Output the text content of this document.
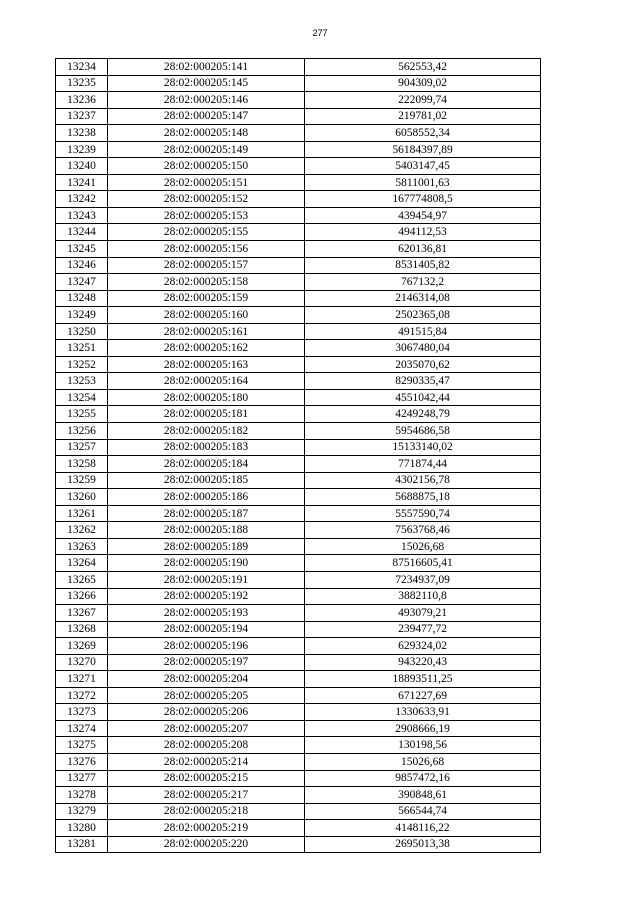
277
13234	28:02:000205:141	562553,42
13235	28:02:000205:145	904309,02
13236	28:02:000205:146	222099,74
13237	28:02:000205:147	219781,02
13238	28:02:000205:148	6058552,34
13239	28:02:000205:149	56184397,89
13240	28:02:000205:150	5403147,45
13241	28:02:000205:151	5811001,63
13242	28:02:000205:152	167774808,5
13243	28:02:000205:153	439454,97
13244	28:02:000205:155	494112,53
13245	28:02:000205:156	620136,81
13246	28:02:000205:157	8531405,82
13247	28:02:000205:158	767132,2
13248	28:02:000205:159	2146314,08
13249	28:02:000205:160	2502365,08
13250	28:02:000205:161	491515,84
13251	28:02:000205:162	3067480,04
13252	28:02:000205:163	2035070,62
13253	28:02:000205:164	8290335,47
13254	28:02:000205:180	4551042,44
13255	28:02:000205:181	4249248,79
13256	28:02:000205:182	5954686,58
13257	28:02:000205:183	15133140,02
13258	28:02:000205:184	771874,44
13259	28:02:000205:185	4302156,78
13260	28:02:000205:186	5688875,18
13261	28:02:000205:187	5557590,74
13262	28:02:000205:188	7563768,46
13263	28:02:000205:189	15026,68
13264	28:02:000205:190	87516605,41
13265	28:02:000205:191	7234937,09
13266	28:02:000205:192	3882110,8
13267	28:02:000205:193	493079,21
13268	28:02:000205:194	239477,72
13269	28:02:000205:196	629324,02
13270	28:02:000205:197	943220,43
13271	28:02:000205:204	18893511,25
13272	28:02:000205:205	671227,69
13273	28:02:000205:206	1330633,91
13274	28:02:000205:207	2908666,19
13275	28:02:000205:208	130198,56
13276	28:02:000205:214	15026,68
13277	28:02:000205:215	9857472,16
13278	28:02:000205:217	390848,61
13279	28:02:000205:218	566544,74
13280	28:02:000205:219	4148116,22
13281	28:02:000205:220	2695013,38
